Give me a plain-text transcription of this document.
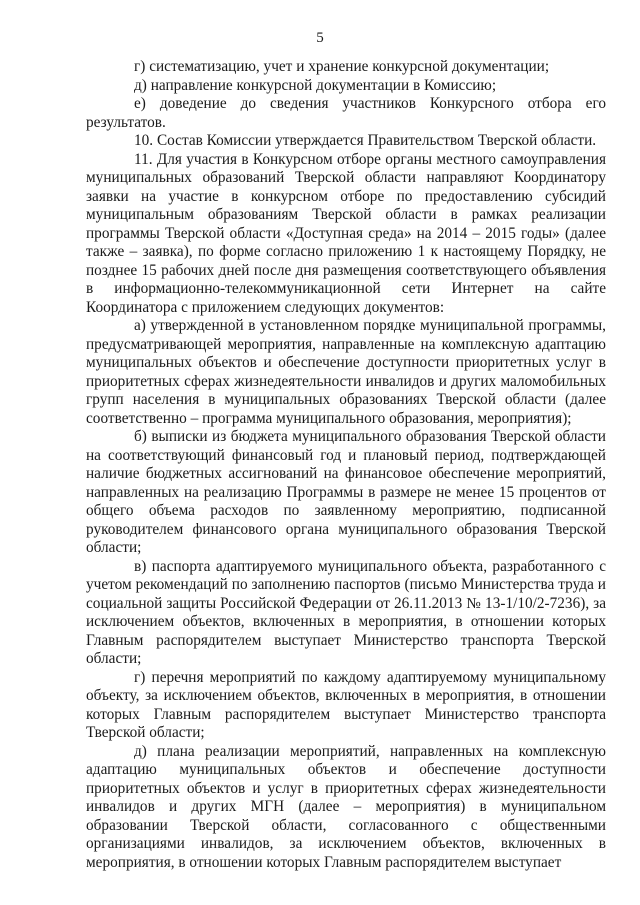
5

г) систематизацию, учет и хранение конкурсной документации;

д) направление конкурсной документации в Комиссию;

е) доведение до сведения участников Конкурсного отбора его результатов.

10. Состав Комиссии утверждается Правительством Тверской области.

11. Для участия в Конкурсном отборе органы местного самоуправления муниципальных образований Тверской области направляют Координатору заявки на участие в конкурсном отборе по предоставлению субсидий муниципальным образованиям Тверской области в рамках реализации программы Тверской области «Доступная среда» на 2014 – 2015 годы» (далее также – заявка), по форме согласно приложению 1 к настоящему Порядку, не позднее 15 рабочих дней после дня размещения соответствующего объявления в информационно-телекоммуникационной сети Интернет на сайте Координатора с приложением следующих документов:

а) утвержденной в установленном порядке муниципальной программы, предусматривающей мероприятия, направленные на комплексную адаптацию муниципальных объектов и обеспечение доступности приоритетных услуг в приоритетных сферах жизнедеятельности инвалидов и других маломобильных групп населения в муниципальных образованиях Тверской области (далее соответственно – программа муниципального образования, мероприятия);

б) выписки из бюджета муниципального образования Тверской области на соответствующий финансовый год и плановый период, подтверждающей наличие бюджетных ассигнований на финансовое обеспечение мероприятий, направленных на реализацию Программы в размере не менее 15 процентов от общего объема расходов по заявленному мероприятию, подписанной руководителем финансового органа муниципального образования Тверской области;

в) паспорта адаптируемого муниципального объекта, разработанного с учетом рекомендаций по заполнению паспортов (письмо Министерства труда и социальной защиты Российской Федерации от 26.11.2013 № 13-1/10/2-7236), за исключением объектов, включенных в мероприятия, в отношении которых Главным распорядителем выступает Министерство транспорта Тверской области;

г) перечня мероприятий по каждому адаптируемому муниципальному объекту, за исключением объектов, включенных в мероприятия, в отношении которых Главным распорядителем выступает Министерство транспорта Тверской области;

д) плана реализации мероприятий, направленных на комплексную адаптацию муниципальных объектов и обеспечение доступности приоритетных объектов и услуг в приоритетных сферах жизнедеятельности инвалидов и других МГН (далее – мероприятия) в муниципальном образовании Тверской области, согласованного с общественными организациями инвалидов, за исключением объектов, включенных в мероприятия, в отношении которых Главным распорядителем выступает
